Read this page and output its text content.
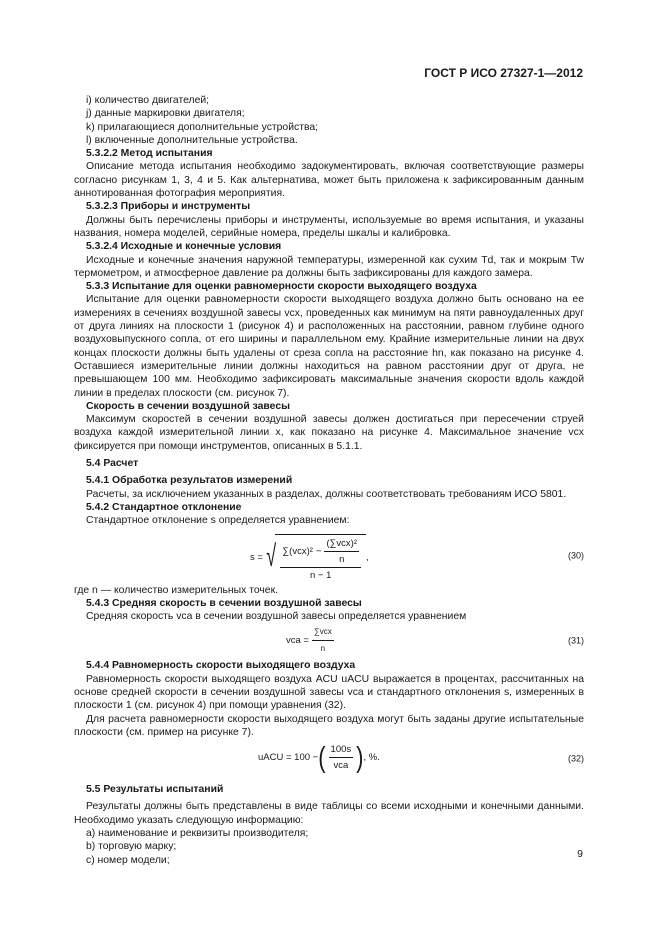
ГОСТ Р ИСО 27327-1—2012

i) количество двигателей;

j) данные маркировки двигателя;

k) прилагающиеся дополнительные устройства;

l) включенные дополнительные устройства.

5.3.2.2 Метод испытания

Описание метода испытания необходимо задокументировать, включая соответствующие размеры согласно рисункам 1, 3, 4 и 5. Как альтернатива, может быть приложена к зафиксированным данным аннотированная фотография мероприятия.

5.3.2.3 Приборы и инструменты

Должны быть перечислены приборы и инструменты, используемые во время испытания, и указаны названия, номера моделей, серийные номера, пределы шкалы и калибровка.

5.3.2.4 Исходные и конечные условия

Исходные и конечные значения наружной температуры, измеренной как сухим Td, так и мокрым Tw термометром, и атмосферное давление pa должны быть зафиксированы для каждого замера.

5.3.3 Испытание для оценки равномерности скорости выходящего воздуха

Испытание для оценки равномерности скорости выходящего воздуха должно быть основано на ее измерениях в сечениях воздушной завесы vcx, проведенных как минимум на пяти равноудаленных друг от друга линиях на плоскости 1 (рисунок 4) и расположенных на расстоянии, равном глубине одного воздуховыпускного сопла, от его ширины и параллельном ему. Крайние измерительные линии на двух концах плоскости должны быть удалены от среза сопла на расстояние hn, как показано на рисунке 4. Оставшиеся измерительные линии должны находиться на равном расстоянии друг от друга, не превышающем 100 мм. Необходимо зафиксировать максимальные значения скорости вдоль каждой линии в пределах плоскости (см. рисунок 7).

Скорость в сечении воздушной завесы

Максимум скоростей в сечении воздушной завесы должен достигаться при пересечении струей воздуха каждой измерительной линии x, как показано на рисунке 4. Максимальное значение vcx фиксируется при помощи инструментов, описанных в 5.1.1.

5.4 Расчет

5.4.1 Обработка результатов измерений

Расчеты, за исключением указанных в разделах, должны соответствовать требованиям ИСО 5801.

5.4.2 Стандартное отклонение

Стандартное отклонение s определяется уравнением:

s = √ $\sum(vcx)^2 - \frac{\text{(∑vcx)²}}{n}$
n − 1
,	(30)

где n — количество измерительных точек.

5.4.3 Средняя скорость в сечении воздушной завесы

Средняя скорость vca в сечении воздушной завесы определяется уравнением

vca = $\frac{\text{∑vcx}}{n}$	(31)

5.4.4 Равномерность скорости выходящего воздуха

Равномерность скорости выходящего воздуха ACU uACU выражается в процентах, рассчитанных на основе средней скорости в сечении воздушной завесы vca и стандартного отклонения s, измеренных в плоскости 1 (см. рисунок 4) при помощи уравнения (32).

Для расчета равномерности скорости выходящего воздуха могут быть заданы другие испытательные плоскости (см. пример на рисунке 7).

uACU = 100 − ( $\frac{100s}{\text{vca}}$ ) , %.	(32)

5.5 Результаты испытаний

Результаты должны быть представлены в виде таблицы со всеми исходными и конечными данными. Необходимо указать следующую информацию:

a) наименование и реквизиты производителя;

b) торговую марку;

c) номер модели;

9
